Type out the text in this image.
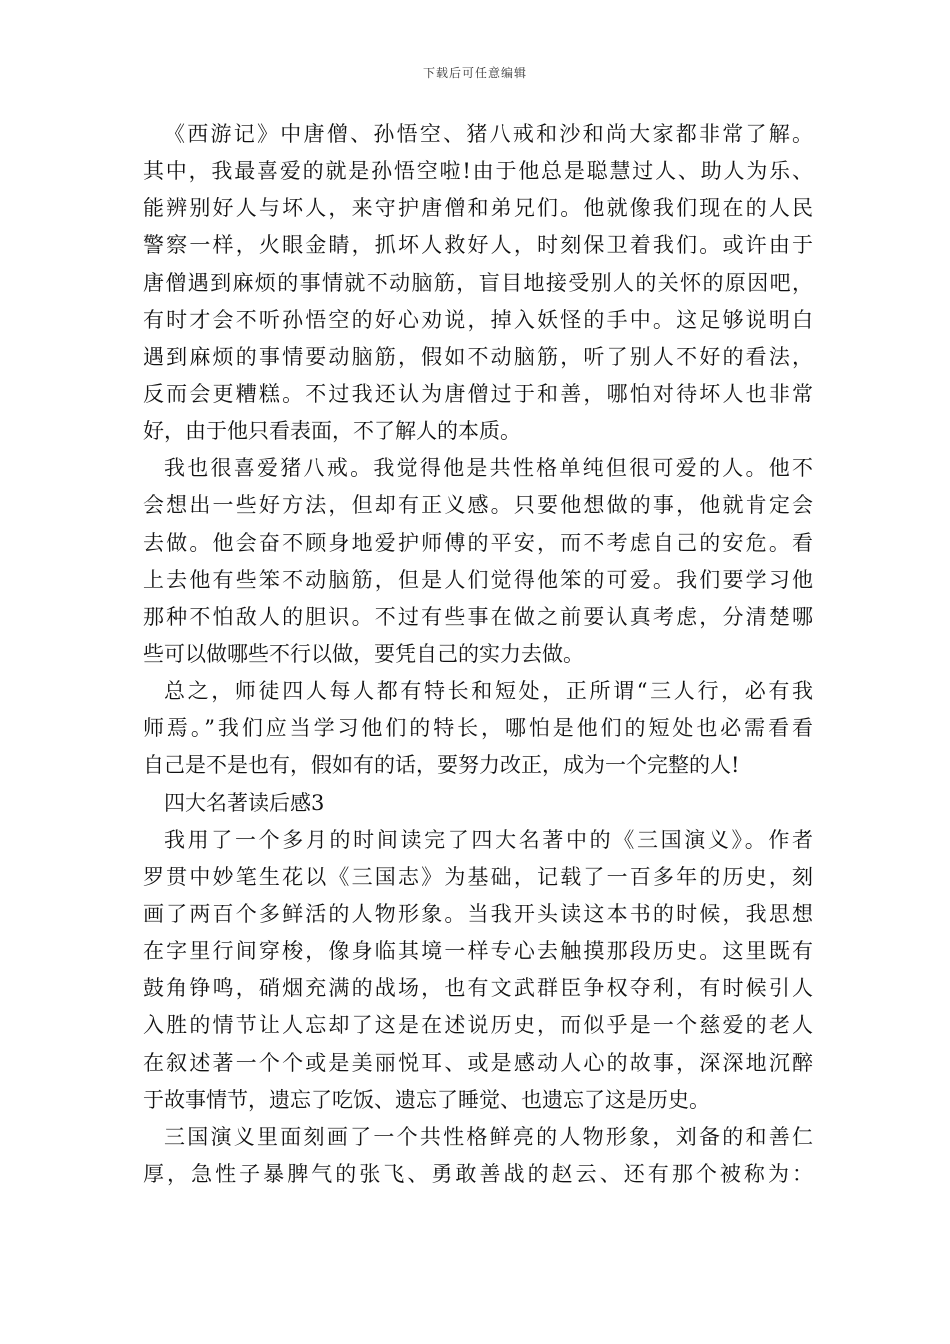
下载后可任意编辑
《西游记》中唐僧、孙悟空、猪八戒和沙和尚大家都非常了解。
其中，我最喜爱的就是孙悟空啦!由于他总是聪慧过人、助人为乐、
能辨别好人与坏人，来守护唐僧和弟兄们。他就像我们现在的人民
警察一样，火眼金睛，抓坏人救好人，时刻保卫着我们。或许由于
唐僧遇到麻烦的事情就不动脑筋，盲目地接受别人的关怀的原因吧，
有时才会不听孙悟空的好心劝说，掉入妖怪的手中。这足够说明白
遇到麻烦的事情要动脑筋，假如不动脑筋，听了别人不好的看法，
反而会更糟糕。不过我还认为唐僧过于和善，哪怕对待坏人也非常
好，由于他只看表面，不了解人的本质。
我也很喜爱猪八戒。我觉得他是共性格单纯但很可爱的人。他不
会想出一些好方法，但却有正义感。只要他想做的事，他就肯定会
去做。他会奋不顾身地爱护师傅的平安，而不考虑自己的安危。看
上去他有些笨不动脑筋，但是人们觉得他笨的可爱。我们要学习他
那种不怕敌人的胆识。不过有些事在做之前要认真考虑，分清楚哪
些可以做哪些不行以做，要凭自己的实力去做。
总之，师徒四人每人都有特长和短处，正所谓“三人行，必有我
师焉。”我们应当学习他们的特长，哪怕是他们的短处也必需看看
自己是不是也有，假如有的话，要努力改正，成为一个完整的人!
四大名著读后感3
我用了一个多月的时间读完了四大名著中的《三国演义》。作者
罗贯中妙笔生花以《三国志》为基础，记载了一百多年的历史，刻
画了两百个多鲜活的人物形象。当我开头读这本书的时候，我思想
在字里行间穿梭，像身临其境一样专心去触摸那段历史。这里既有
鼓角铮鸣，硝烟充满的战场，也有文武群臣争权夺利，有时候引人
入胜的情节让人忘却了这是在述说历史，而似乎是一个慈爱的老人
在叙述著一个个或是美丽悦耳、或是感动人心的故事，深深地沉醉
于故事情节，遗忘了吃饭、遗忘了睡觉、也遗忘了这是历史。
三国演义里面刻画了一个共性格鲜亮的人物形象，刘备的和善仁
厚，急性子暴脾气的张飞、勇敢善战的赵云、还有那个被称为：
